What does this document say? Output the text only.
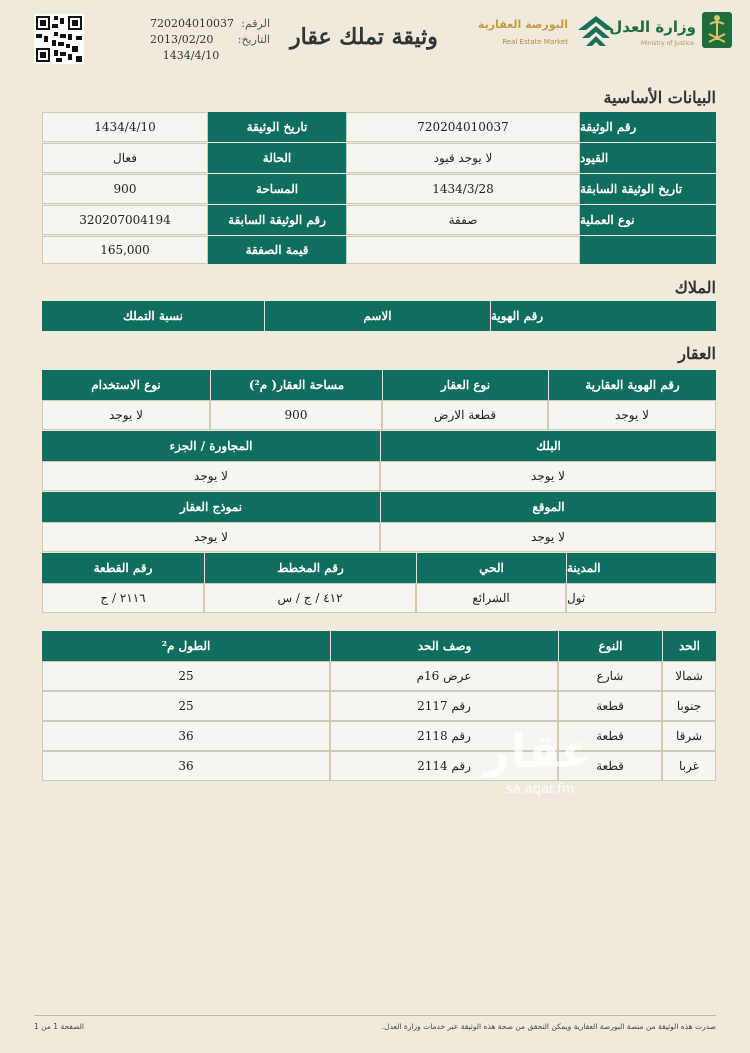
وزارة العدل
Ministry of Justice
البورصة العقارية
Real Estate Market
وثيقة تملك عقار
الرقم:
720204010037
التاريخ:
2013/02/20
1434/4/10
البيانات الأساسية
رقم الوثيقة
720204010037
تاريخ الوثيقة
1434/4/10
القيود
لا يوجد قيود
الحالة
فعال
تاريخ الوثيقة السابقة
1434/3/28
المساحة
900
نوع العملية
صفقة
رقم الوثيقة السابقة
320207004194
قيمة الصفقة
165,000
الملاك
رقم الهوية
الاسم
نسبة التملك
العقار
رقم الهوية العقارية
نوع العقار
مساحة العقار( م²)
نوع الاستخدام
لا يوجد
قطعة الارض
900
لا يوجد
البلك
المجاورة / الجزء
لا يوجد
لا يوجد
الموقع
نموذج العقار
لا يوجد
لا يوجد
المدينة
الحي
رقم المخطط
رقم القطعة
ثول
الشرائع
٤١٢ / ج / س
٢١١٦ / ج
الحد
النوع
وصف الحد
الطول م²
شمالا
شارع
عرض 16م
25
جنوبا
قطعة
رقم 2117
25
شرقا
قطعة
رقم 2118
36
غربا
قطعة
رقم 2114
36	عقار
sa.aqar.fm
صدرت هذه الوثيقة من منصة البورصة العقارية ويمكن التحقق من صحة هذه الوثيقة عبر خدمات وزارة العدل.
الصفحة 1 من 1
